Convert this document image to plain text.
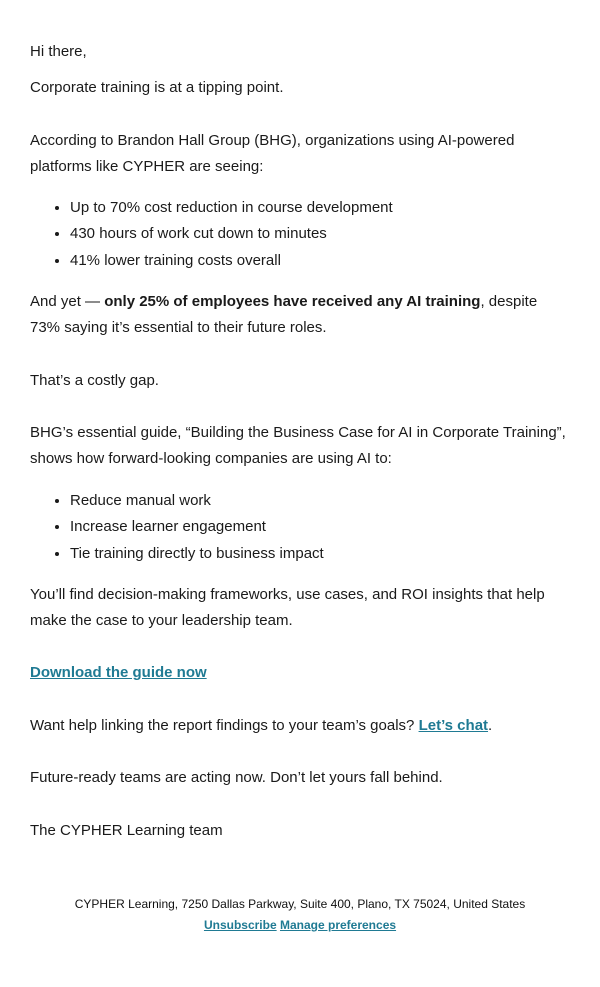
Hi there,

Corporate training is at a tipping point.

According to Brandon Hall Group (BHG), organizations using AI-powered platforms like CYPHER are seeing:

• Up to 70% cost reduction in course development
• 430 hours of work cut down to minutes
• 41% lower training costs overall

And yet — only 25% of employees have received any AI training, despite 73% saying it’s essential to their future roles.

That’s a costly gap.

BHG’s essential guide, “Building the Business Case for AI in Corporate Training”, shows how forward-looking companies are using AI to:

• Reduce manual work
• Increase learner engagement
• Tie training directly to business impact

You’ll find decision-making frameworks, use cases, and ROI insights that help make the case to your leadership team.

Download the guide now

Want help linking the report findings to your team’s goals? Let’s chat.

Future-ready teams are acting now. Don’t let yours fall behind.

The CYPHER Learning team

CYPHER Learning, 7250 Dallas Parkway, Suite 400, Plano, TX 75024, United States
Unsubscribe Manage preferences
